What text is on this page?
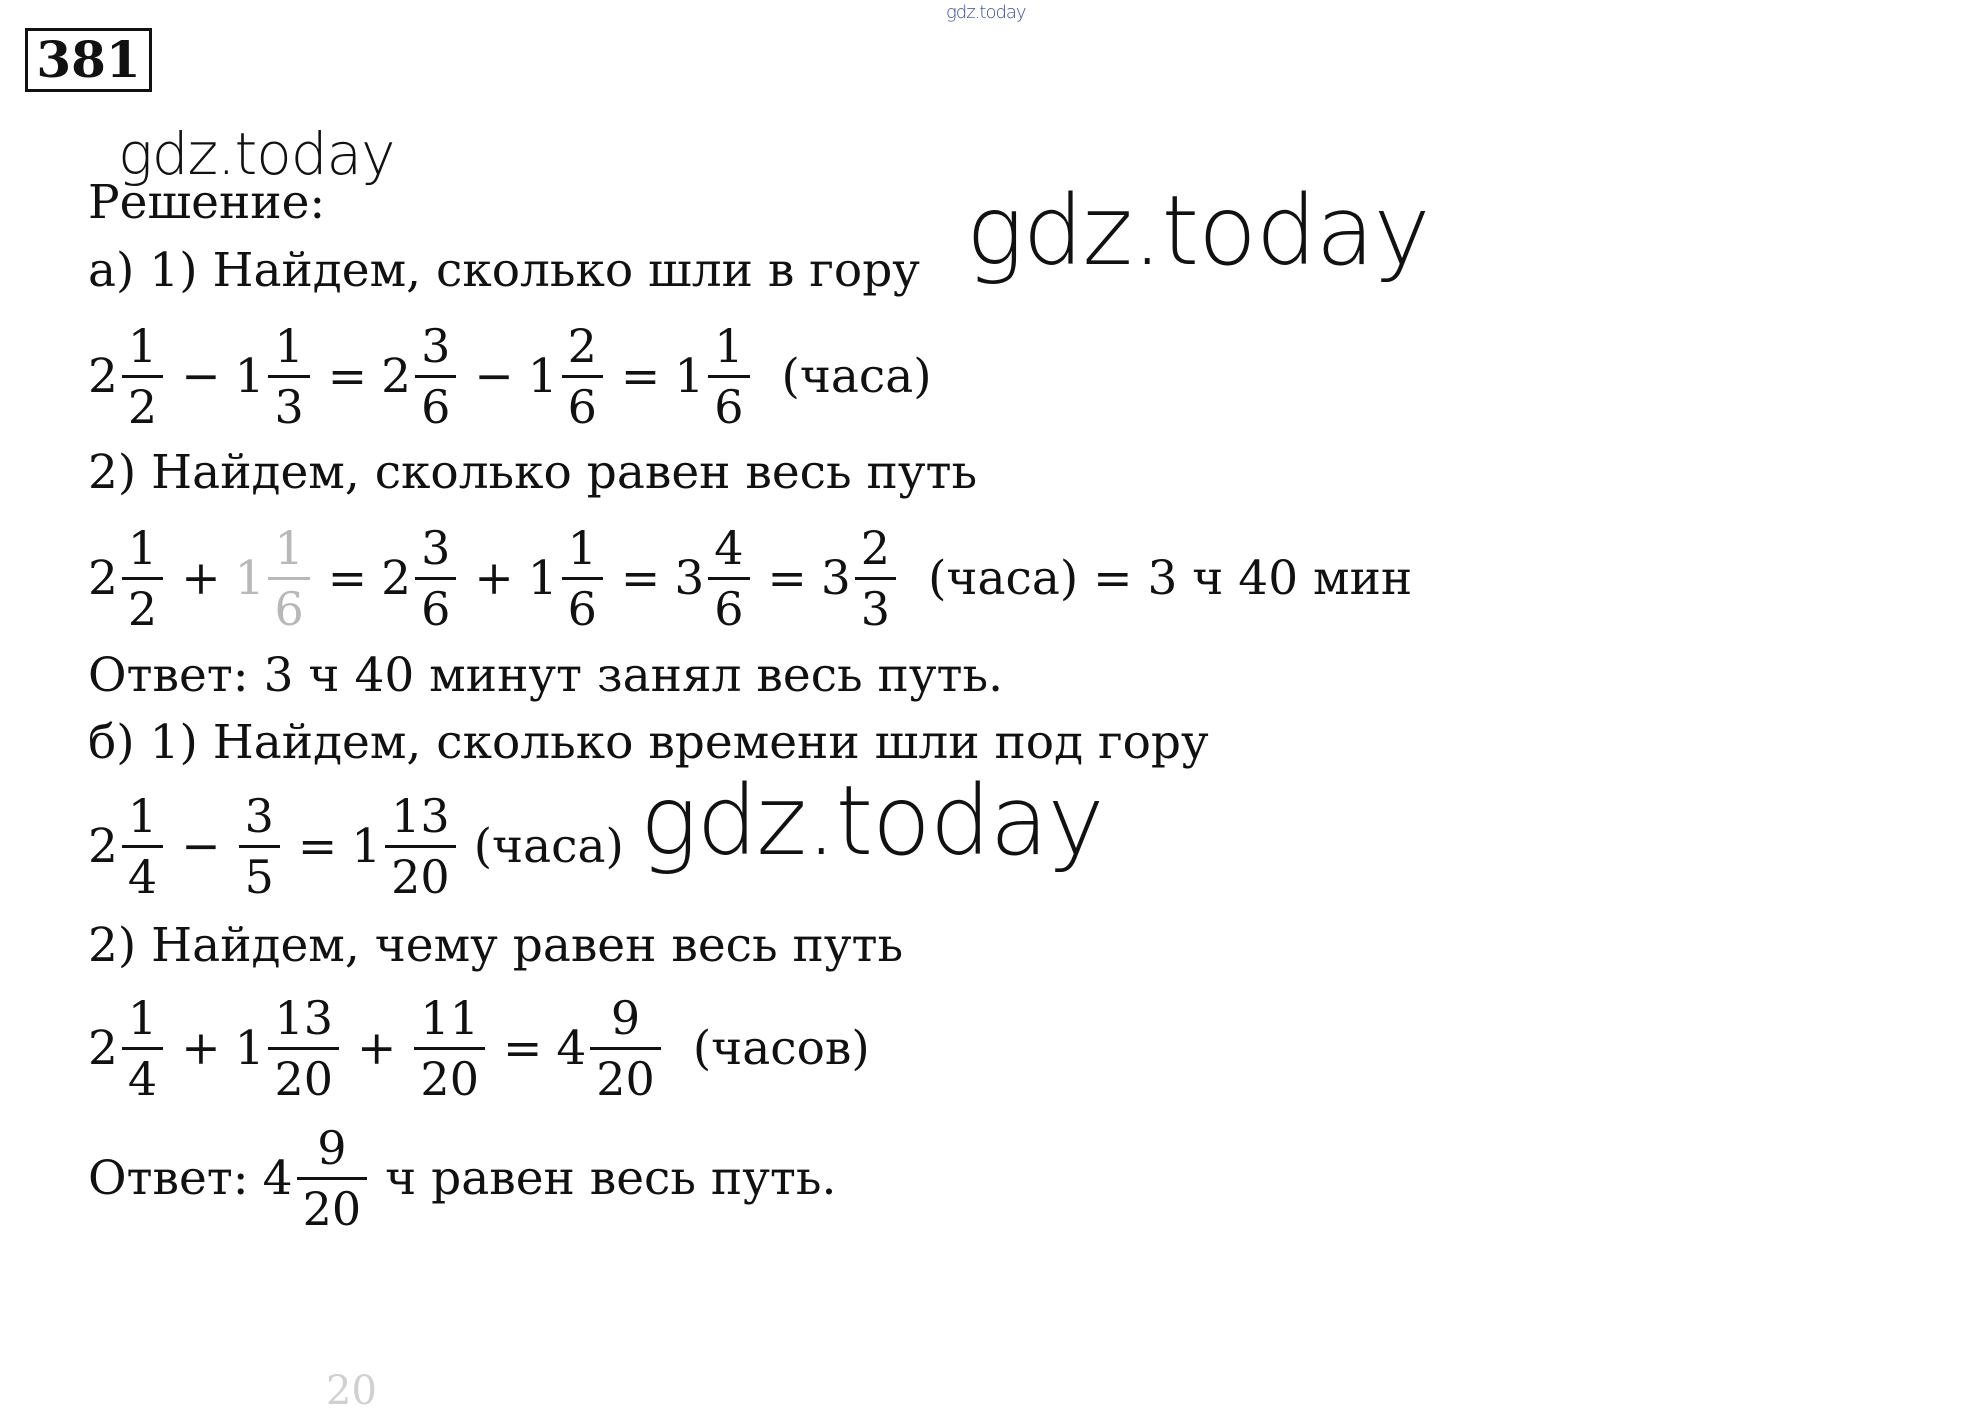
gdz.today
381
gdz.today
gdz.today
gdz.today
Решение:
а) 1) Найдем, сколько шли в гору
$2 \frac{1}{2} - 1 \frac{1}{3} = 2 \frac{3}{6} - 1 \frac{2}{6} = 1 \frac{1}{6}$ (часа)
2) Найдем, сколько равен весь путь
$2 \frac{1}{2} + 1 \frac{1}{6} = 2 \frac{3}{6} + 1 \frac{1}{6} = 3 \frac{4}{6} = 3 \frac{2}{3}$ (часа) = 3 ч 40 мин
Ответ: 3 ч 40 минут занял весь путь.
б) 1) Найдем, сколько времени шли под гору
$2 \frac{1}{4} - \frac{3}{5} = 1 \frac{13}{20}$ (часа)
2) Найдем, чему равен весь путь
$2 \frac{1}{4} + 1 \frac{13}{20} + \frac{11}{20} = 4 \frac{9}{20}$ (часов)
Ответ: $4 \frac{9}{20}$ ч равен весь путь.
20
